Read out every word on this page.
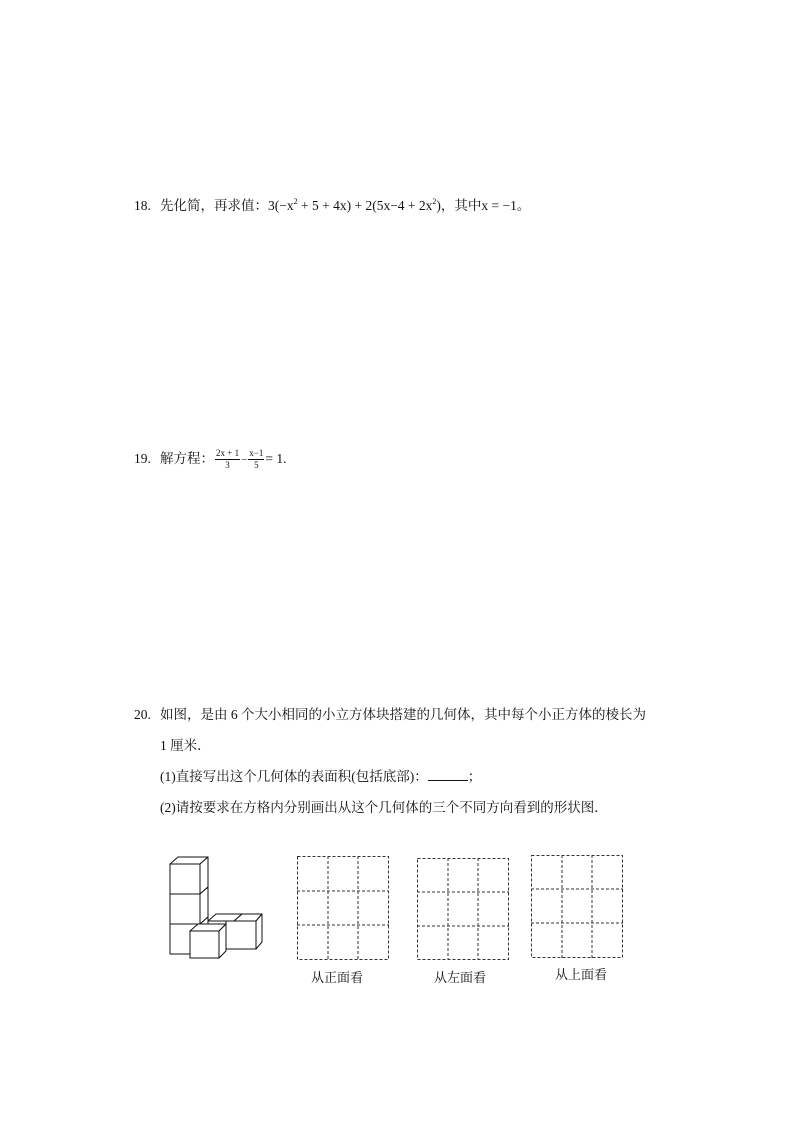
18. 先化简，再求值：$3(-x^2 + 5 + 4x) + 2(5x-4 + 2x^2)$，其中x = −1。
19. 解方程： $\frac{2x + 1}{3} - \frac{x-1}{5} = 1$.
20. 如图，是由 6 个大小相同的小立方体块搭建的几何体，其中每个小正方体的棱长为
1 厘米．
(1)直接写出这个几何体的表面积(包括底部)：	；
(2)请按要求在方格内分别画出从这个几何体的三个不同方向看到的形状图．
从正面看	从左面看	从上面看
